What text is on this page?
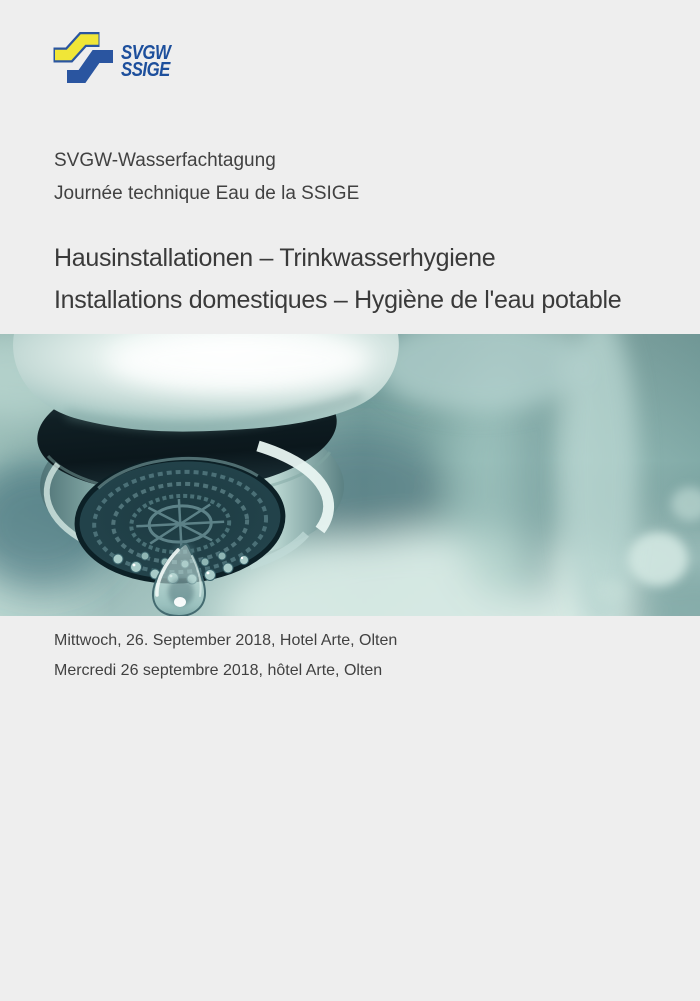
SVGW
SSIGE
SVGW-Wasserfachtagung
Journée technique Eau de la SSIGE
Hausinstallationen – Trinkwasserhygiene
Installations domestiques – Hygiène de l'eau potable
Mittwoch, 26. September 2018, Hotel Arte, Olten
Mercredi 26 septembre 2018, hôtel Arte, Olten
